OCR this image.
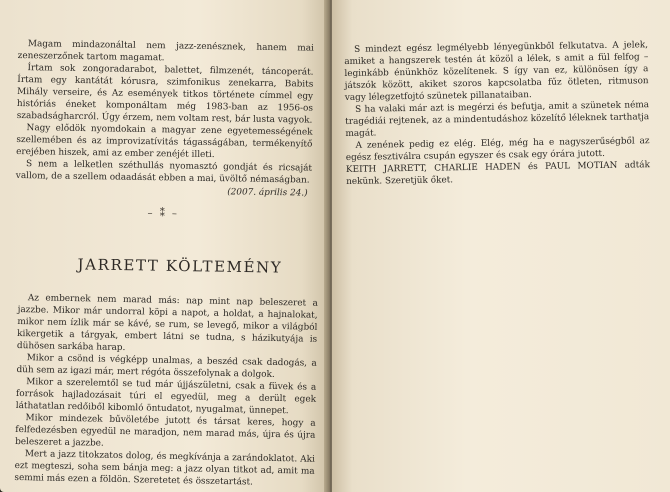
Magam mindazonáltal nem jazz-zenésznek, hanem mai zeneszerzőnek tartom magamat.

Írtam sok zongoradarabot, balettet, filmzenét, táncoperát. Írtam egy kantátát kórusra, szimfonikus zenekarra, Babits Mihály verseire, és Az események titkos története címmel egy históriás éneket komponáltam még 1983-ban az 1956-os szabadságharcról. Úgy érzem, nem voltam rest, bár lusta vagyok.

Nagy elődök nyomdokain a magyar zene egyetemességének szellemében és az improvizatívitás tágasságában, termékenyítő erejében hiszek, ami az ember zenéjét illeti.

S nem a lelketlen széthullás nyomasztó gondját és ricsaját vallom, de a szellem odaadását ebben a mai, üvöltő némaságban.

(2007. április 24.)
– ⁑ –
JARRETT KÖLTEMÉNY

Az embernek nem marad más: nap mint nap beleszeret a jazzbe. Mikor már undorral köpi a napot, a holdat, a hajnalokat, mikor nem ízlik már se kávé, se rum, se levegő, mikor a világból kikergetik a tárgyak, embert látni se tudna, s házikutyája is dühösen sarkába harap.

Mikor a csönd is végképp unalmas, a beszéd csak dadogás, a düh sem az igazi már, mert régóta összefolynak a dolgok.

Mikor a szerelemtől se tud már újjászületni, csak a füvek és a források hajladozásait túri el egyedül, meg a derült egek láthatatlan redőiből kibomló öntudatot, nyugalmat, ünnepet.

Mikor mindezek bűvöletébe jutott és társat keres, hogy a felfedezésben egyedül ne maradjon, nem marad más, újra és újra beleszeret a jazzbe.

Mert a jazz titokzatos dolog, és megkívánja a zarándoklatot. Aki ezt megteszi, soha sem bánja meg: a jazz olyan titkot ad, amit ma semmi más ezen a földön. Szeretetet és összetartást.

S mindezt egész legmélyebb lényegünkből felkutatva. A jelek, amiket a hangszerek testén át közöl a lélek, s amit a fül felfog – leginkább énünkhöz közelítenek. S így van ez, különösen így a játszók között, akiket szoros kapcsolatba fűz ötleten, ritmuson vagy lélegzetfojtó szünetek pillanataiban.

S ha valaki már azt is megérzi és befutja, amit a szünetek néma tragédiái rejtenek, az a mindentudáshoz közelítő léleknek tarthatja magát.

A zenének pedig ez elég. Elég, még ha e nagyszerűségből az egész fesztiválra csupán egyszer és csak egy órára jutott.

KEITH JARRETT, CHARLIE HADEN és PAUL MOTIAN adták nekünk. Szeretjük őket.
